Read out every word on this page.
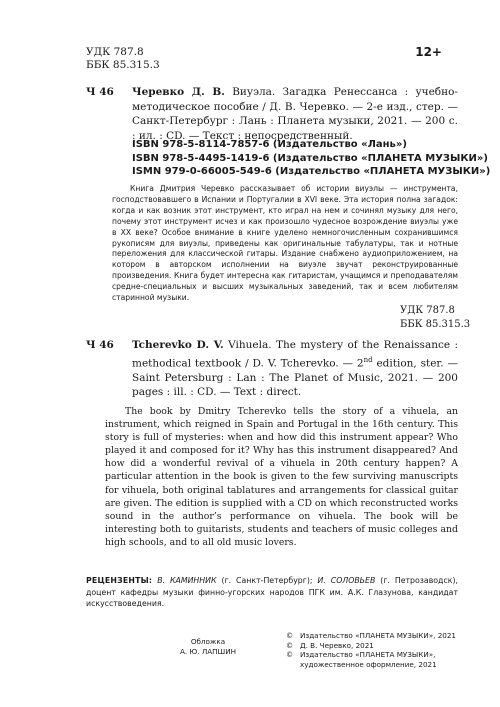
УДК 787.8
ББК 85.315.3
12+
Ч 46 Черевко Д. В. Виуэла. Загадка Ренессанса : учебно-методическое пособие / Д. В. Черевко. — 2-е изд., стер. — Санкт-Петербург : Лань : Планета музыки, 2021. — 200 с. : ил. : CD. — Текст : непосредственный.
ISBN 978-5-8114-7857-6 (Издательство «Лань»)
ISBN 978-5-4495-1419-6 (Издательство «ПЛАНЕТА МУЗЫКИ»)
ISMN 979-0-66005-549-6 (Издательство «ПЛАНЕТА МУЗЫКИ»)
Книга Дмитрия Черевко рассказывает об истории виуэлы — инструмента, господствовавшего в Испании и Португалии в XVI веке. Эта история полна загадок: когда и как возник этот инструмент, кто играл на нем и сочинял музыку для него, почему этот инструмент исчез и как произошло чудесное возрождение виуэлы уже в XX веке? Особое внимание в книге уделено немногочисленным сохранившимся рукописям для виуэлы, приведены как оригинальные табулатуры, так и нотные переложения для классической гитары. Издание снабжено аудиоприложением, на котором в авторском исполнении на виуэле звучат реконструированные произведения. Книга будет интересна как гитаристам, учащимся и преподавателям средне-специальных и высших музыкальных заведений, так и всем любителям старинной музыки.
УДК 787.8
ББК 85.315.3
Ч 46 Tcherevko D. V. Vihuela. The mystery of the Renaissance : methodical textbook / D. V. Tcherevko. — 2nd edition, ster. — Saint Petersburg : Lan : The Planet of Music, 2021. — 200 pages : ill. : CD. — Text : direct.
The book by Dmitry Tcherevko tells the story of a vihuela, an instrument, which reigned in Spain and Portugal in the 16th century. This story is full of mysteries: when and how did this instrument appear? Who played it and composed for it? Why has this instrument disappeared? And how did a wonderful revival of a vihuela in 20th century happen? A particular attention in the book is given to the few surviving manuscripts for vihuela, both original tablatures and arrangements for classical guitar are given. The edition is supplied with a CD on which reconstructed works sound in the author’s performance on vihuela. The book will be interesting both to guitarists, students and teachers of music colleges and high schools, and to all old music lovers.
РЕЦЕНЗЕНТЫ: В. КАМИННИК (г. Санкт-Петербург); И. СОЛОВЬЕВ (г. Петрозаводск), доцент кафедры музыки финно-угорских народов ПГК им. А.К. Глазунова, кандидат искусствоведения.
Обложка
А. Ю. ЛАПШИН
© Издательство «ПЛАНЕТА МУЗЫКИ», 2021
© Д. В. Черевко, 2021
© Издательство «ПЛАНЕТА МУЗЫКИ»,
художественное оформление, 2021
